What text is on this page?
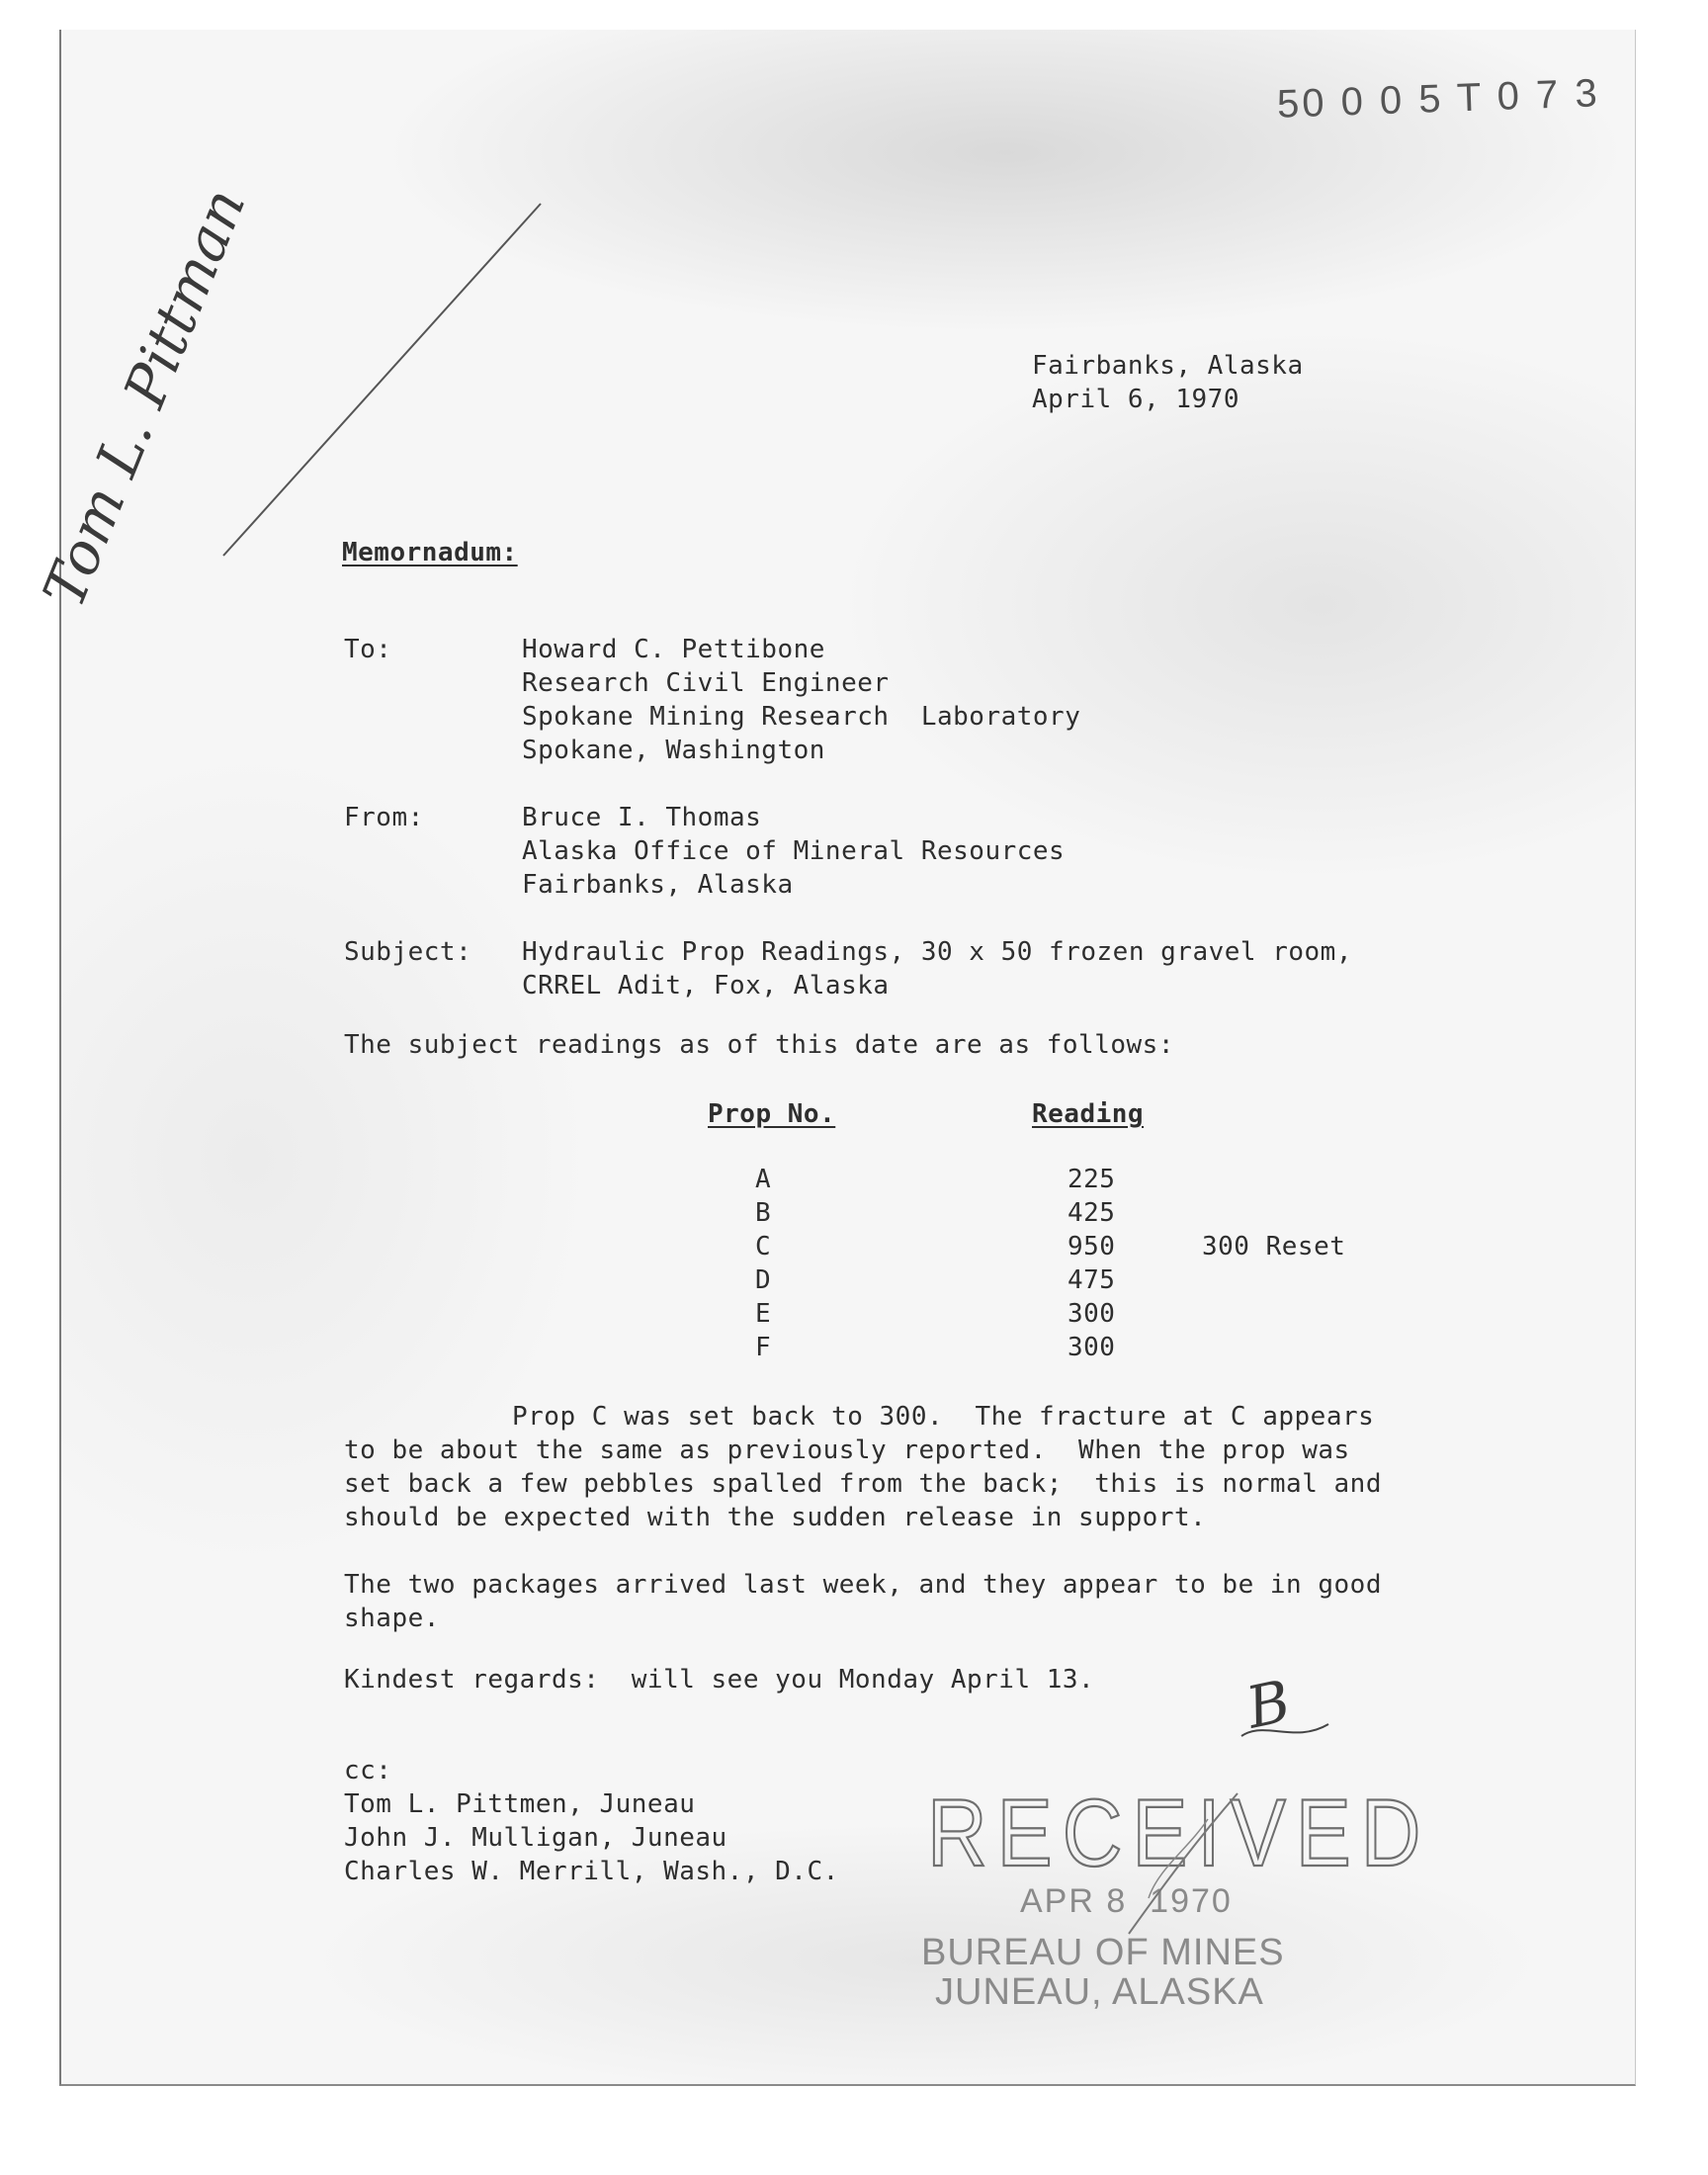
50 0 0 5 T 0 7 3
Tom L. Pittman	Fairbanks, Alaska
April 6, 1970
Memornadum:
To:	Howard C. Pettibone
Research Civil Engineer
Spokane Mining Research  Laboratory
Spokane, Washington
From:	Bruce I. Thomas
Alaska Office of Mineral Resources
Fairbanks, Alaska
Subject: Hydraulic Prop Readings, 30 x 50 frozen gravel room,
CRREL Adit, Fox, Alaska
The subject readings as of this date are as follows:
Prop No.	Reading
A	225
B	425
C	950	300 Reset
D	475
E	300
F	300
Prop C was set back to 300.  The fracture at C appears
to be about the same as previously reported.  When the prop was
set back a few pebbles spalled from the back;  this is normal and
should be expected with the sudden release in support.
The two packages arrived last week, and they appear to be in good
shape.
Kindest regards:  will see you Monday April 13.	B
cc:
Tom L. Pittmen, Juneau
John J. Mulligan, Juneau
Charles W. Merrill, Wash., D.C. RECEIVED
APR 8  1970
BUREAU OF MINES
JUNEAU, ALASKA
